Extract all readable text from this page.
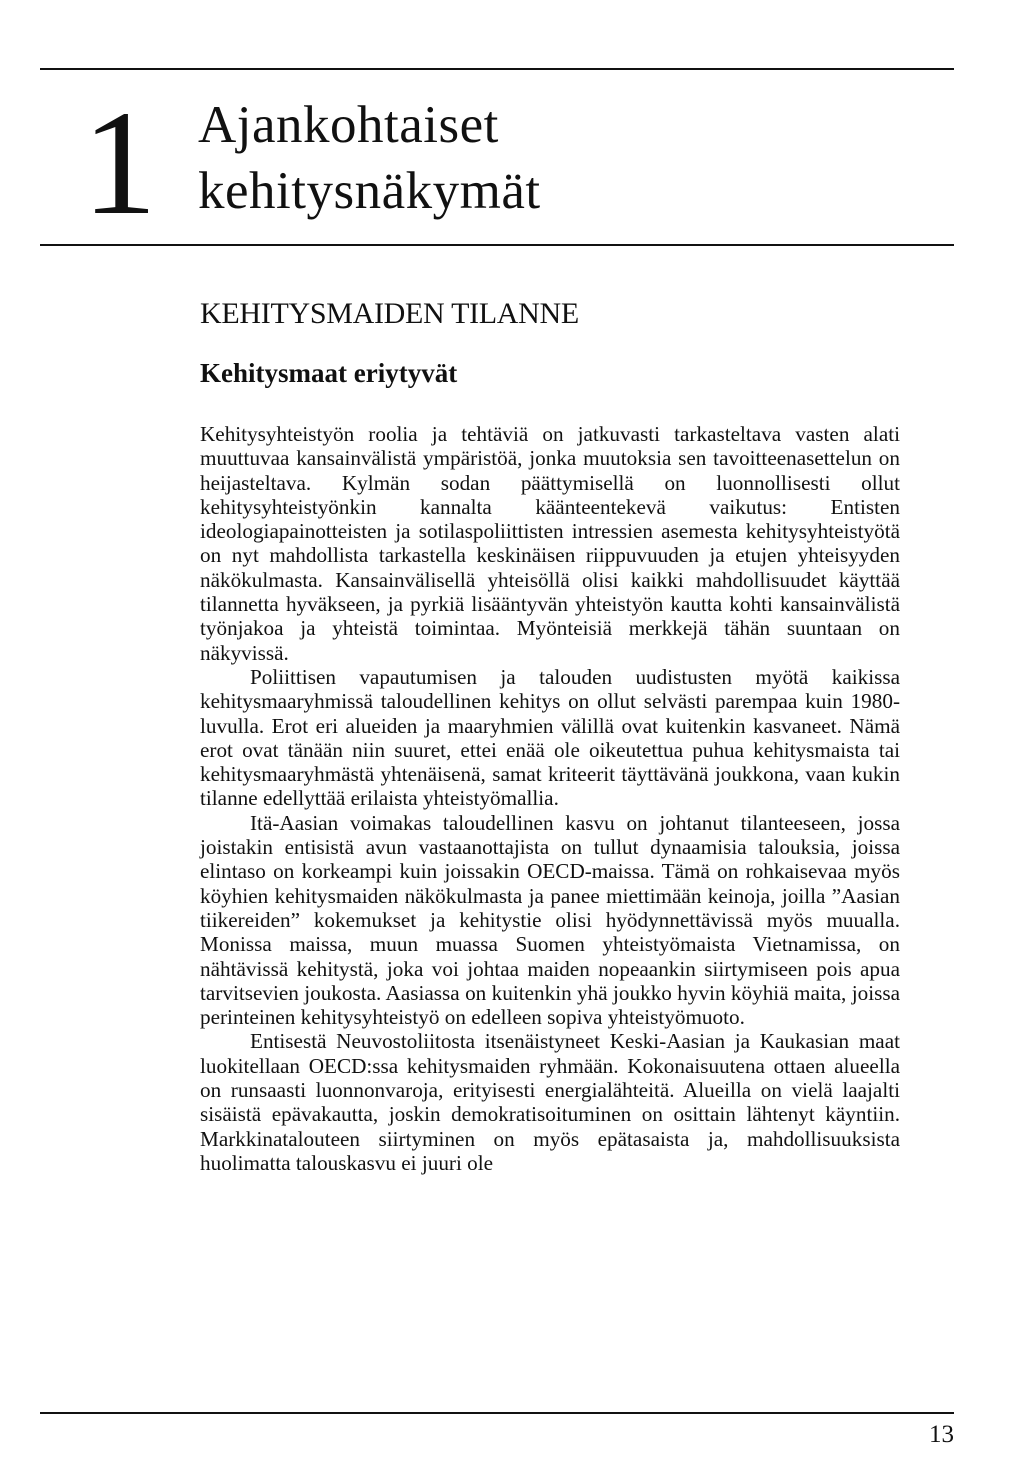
1 Ajankohtaiset
kehitysnäkymät
KEHITYSMAIDEN TILANNE
Kehitysmaat eriytyvät

Kehitysyhteistyön roolia ja tehtäviä on jatkuvasti tarkasteltava vasten alati muuttuvaa kansainvälistä ympäristöä, jonka muutoksia sen tavoitteenasettelun on heijasteltava. Kylmän sodan päättymisellä on luonnollisesti ollut kehitysyhteistyönkin kannalta käänteentekevä vaikutus: Entisten ideologiapainotteisten ja sotilaspoliittisten intressien asemesta kehitysyhteistyötä on nyt mahdollista tarkastella keskinäisen riippuvuuden ja etujen yhteisyyden näkökulmasta. Kansainvälisellä yhteisöllä olisi kaikki mahdollisuudet käyttää tilannetta hyväkseen, ja pyrkiä lisääntyvän yhteistyön kautta kohti kansainvälistä työnjakoa ja yhteistä toimintaa. Myönteisiä merkkejä tähän suuntaan on näkyvissä.

Poliittisen vapautumisen ja talouden uudistusten myötä kaikissa kehitysmaaryhmissä taloudellinen kehitys on ollut selvästi parempaa kuin 1980-luvulla. Erot eri alueiden ja maaryhmien välillä ovat kuitenkin kasvaneet. Nämä erot ovat tänään niin suuret, ettei enää ole oikeutettua puhua kehitysmaista tai kehitysmaaryhmästä yhtenäisenä, samat kriteerit täyttävänä joukkona, vaan kukin tilanne edellyttää erilaista yhteistyömallia.

Itä-Aasian voimakas taloudellinen kasvu on johtanut tilanteeseen, jossa joistakin entisistä avun vastaanottajista on tullut dynaamisia talouksia, joissa elintaso on korkeampi kuin joissakin OECD-maissa. Tämä on rohkaisevaa myös köyhien kehitysmaiden näkökulmasta ja panee miettimään keinoja, joilla ”Aasian tiikereiden” kokemukset ja kehitystie olisi hyödynnettävissä myös muualla. Monissa maissa, muun muassa Suomen yhteistyömaista Vietnamissa, on nähtävissä kehitystä, joka voi johtaa maiden nopeaankin siirtymiseen pois apua tarvitsevien joukosta. Aasiassa on kuitenkin yhä joukko hyvin köyhiä maita, joissa perinteinen kehitysyhteistyö on edelleen sopiva yhteistyömuoto.

Entisestä Neuvostoliitosta itsenäistyneet Keski-Aasian ja Kaukasian maat luokitellaan OECD:ssa kehitysmaiden ryhmään. Kokonaisuutena ottaen alueella on runsaasti luonnonvaroja, erityisesti energialähteitä. Alueilla on vielä laajalti sisäistä epävakautta, joskin demokratisoituminen on osittain lähtenyt käyntiin. Markkinatalouteen siirtyminen on myös epätasaista ja, mahdollisuuksista huolimatta talouskasvu ei juuri ole

13
